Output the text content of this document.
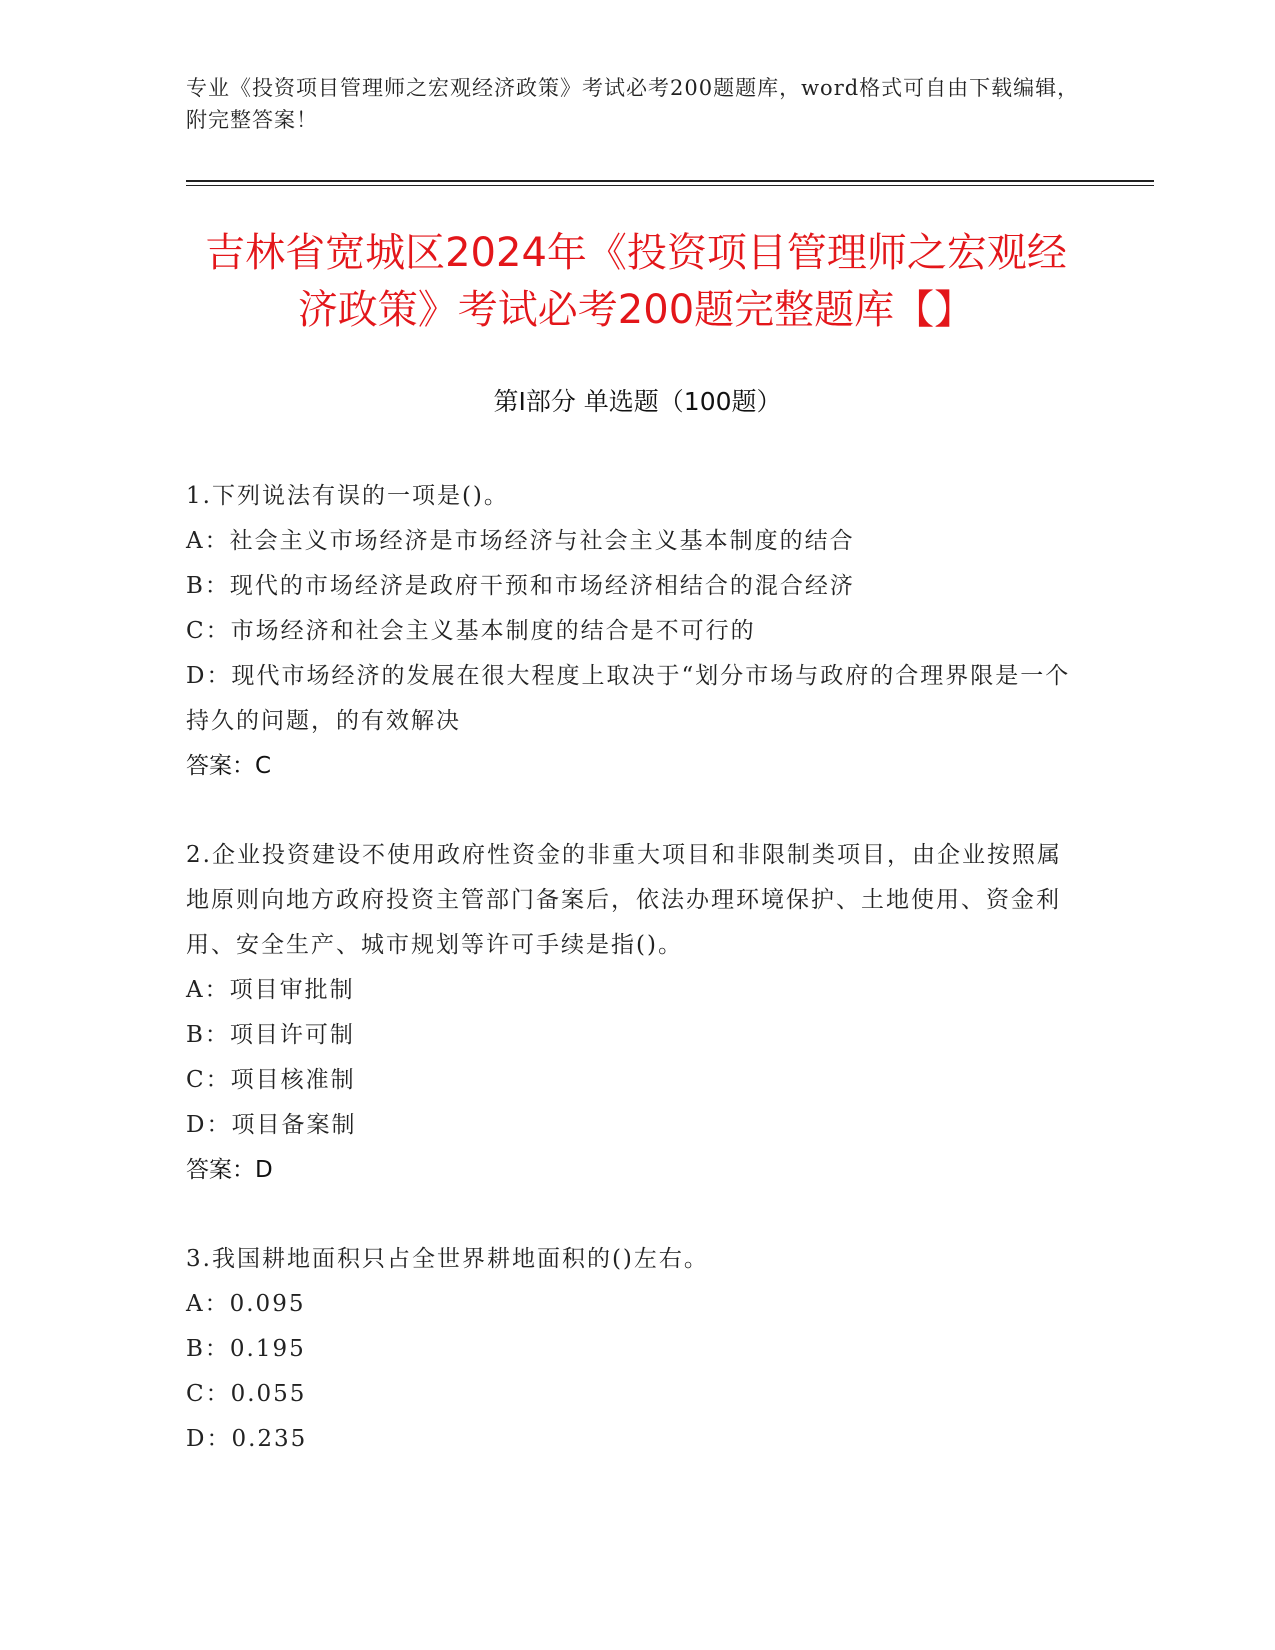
专业《投资项目管理师之宏观经济政策》考试必考200题题库，word格式可自由下载编辑，附完整答案！
吉林省宽城区2024年《投资项目管理师之宏观经济政策》考试必考200题完整题库【】
第I部分 单选题（100题）

1.下列说法有误的一项是()。

A：社会主义市场经济是市场经济与社会主义基本制度的结合

B：现代的市场经济是政府干预和市场经济相结合的混合经济

C：市场经济和社会主义基本制度的结合是不可行的

D：现代市场经济的发展在很大程度上取决于“划分市场与政府的合理界限是一个持久的问题，的有效解决

答案：C

2.企业投资建设不使用政府性资金的非重大项目和非限制类项目，由企业按照属地原则向地方政府投资主管部门备案后，依法办理环境保护、土地使用、资金利用、安全生产、城市规划等许可手续是指()。

A：项目审批制

B：项目许可制

C：项目核准制

D：项目备案制

答案：D

3.我国耕地面积只占全世界耕地面积的()左右。

A：0.095

B：0.195

C：0.055

D：0.235
